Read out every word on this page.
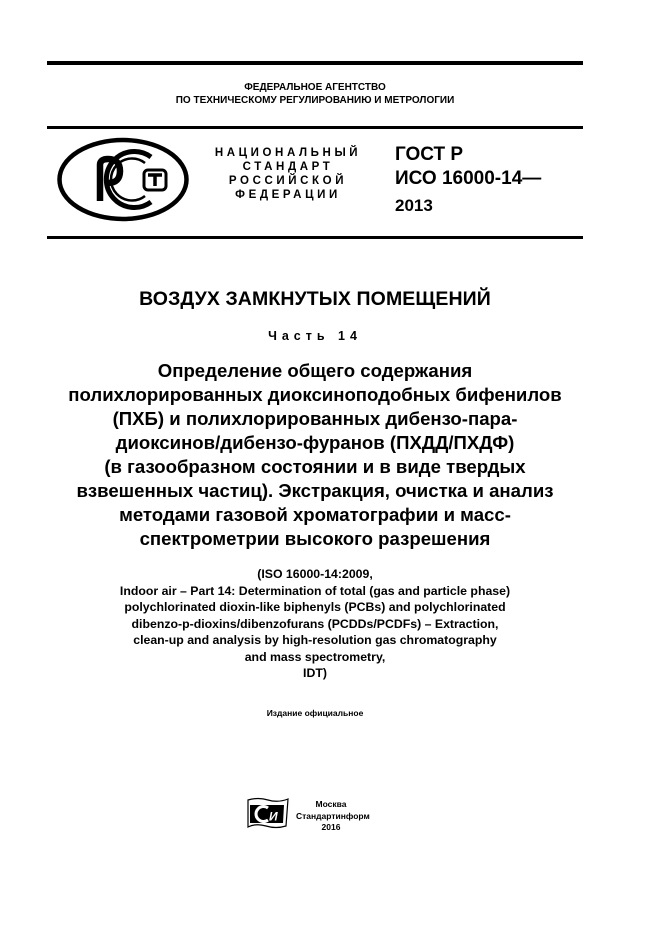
ФЕДЕРАЛЬНОЕ АГЕНТСТВО
ПО ТЕХНИЧЕСКОМУ РЕГУЛИРОВАНИЮ И МЕТРОЛОГИИ
НАЦИОНАЛЬНЫЙ
СТАНДАРТ
РОССИЙСКОЙ
ФЕДЕРАЦИИ
ГОСТ Р
ИСО 16000-14—
2013
ВОЗДУХ ЗАМКНУТЫХ ПОМЕЩЕНИЙ
Часть 14
Определение общего содержания
полихлорированных диоксиноподобных бифенилов
(ПХБ) и полихлорированных дибензо-пара-
диоксинов/дибензо-фуранов (ПХДД/ПХДФ)
(в газообразном состоянии и в виде твердых
взвешенных частиц). Экстракция, очистка и анализ
методами газовой хроматографии и масс-
спектрометрии высокого разрешения
(ISO 16000-14:2009,
Indoor air – Part 14: Determination of total (gas and particle phase)
polychlorinated dioxin-like biphenyls (PCBs) and polychlorinated
dibenzo-p-dioxins/dibenzofurans (PCDDs/PCDFs) – Extraction,
clean-up and analysis by high-resolution gas chromatography
and mass spectrometry,
IDT)
Издание официальное
И
Москва
Стандартинформ
2016
